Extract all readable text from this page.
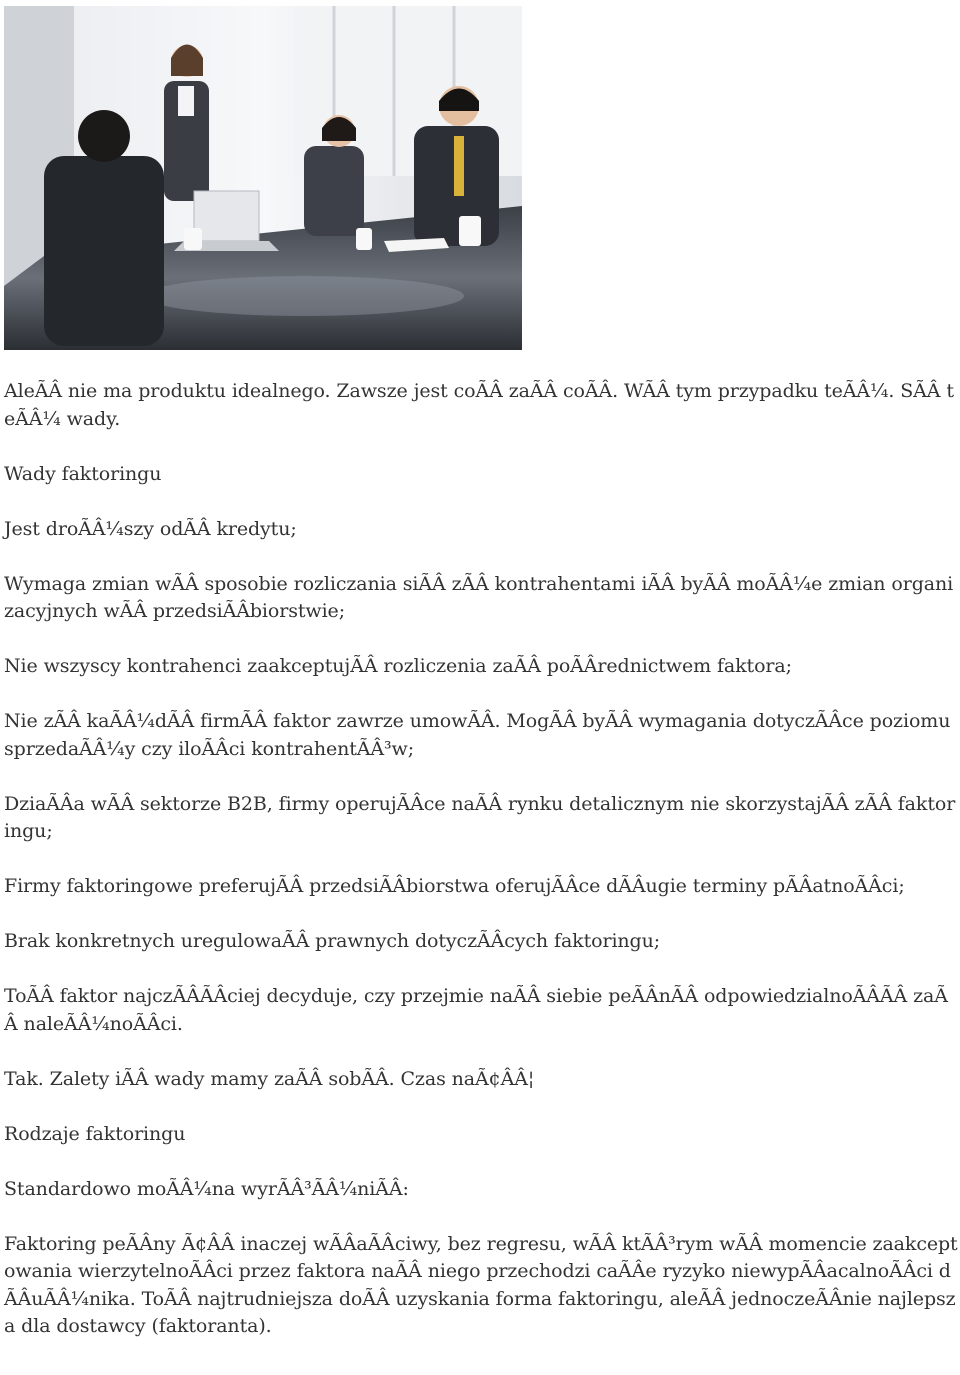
AleÃÂ nie ma produktu idealnego. Zawsze jest coÃÂ zaÃÂ coÃÂ. WÃÂ tym przypadku teÃÂ¼. SÃÂ teÃÂ¼ wady.

Wady faktoringu

Jest droÃÂ¼szy odÃÂ kredytu;

Wymaga zmian wÃÂ sposobie rozliczania siÃÂ zÃÂ kontrahentami iÃÂ byÃÂ moÃÂ¼e zmian organizacyjnych wÃÂ przedsiÃÂbiorstwie;

Nie wszyscy kontrahenci zaakceptujÃÂ rozliczenia zaÃÂ poÃÂrednictwem faktora;

Nie zÃÂ kaÃÂ¼dÃÂ firmÃÂ faktor zawrze umowÃÂ. MogÃÂ byÃÂ wymagania dotyczÃÂce poziomu sprzedaÃÂ¼y czy iloÃÂci kontrahentÃÂ³w;

DziaÃÂa wÃÂ sektorze B2B, firmy operujÃÂce naÃÂ rynku detalicznym nie skorzystajÃÂ zÃÂ faktoringu;

Firmy faktoringowe preferujÃÂ przedsiÃÂbiorstwa oferujÃÂce dÃÂugie terminy pÃÂatnoÃÂci;

Brak konkretnych uregulowaÃÂ prawnych dotyczÃÂcych faktoringu;

ToÃÂ faktor najczÃÂÃÂciej decyduje, czy przejmie naÃÂ siebie peÃÂnÃÂ odpowiedzialnoÃÂÃÂ zaÃÂ naleÃÂ¼noÃÂci.

Tak. Zalety iÃÂ wady mamy zaÃÂ sobÃÂ. Czas naÃ¢ÂÂ¦

Rodzaje faktoringu

Standardowo moÃÂ¼na wyrÃÂ³ÃÂ¼niÃÂ:

Faktoring peÃÂny Ã¢ÂÂ inaczej wÃÂaÃÂciwy, bez regresu, wÃÂ ktÃÂ³rym wÃÂ momencie zaakceptowania wierzytelnoÃÂci przez faktora naÃÂ niego przechodzi caÃÂe ryzyko niewypÃÂacalnoÃÂci dÃÂuÃÂ¼nika. ToÃÂ najtrudniejsza doÃÂ uzyskania forma faktoringu, aleÃÂ jednoczeÃÂnie najlepsza dla dostawcy (faktoranta).
